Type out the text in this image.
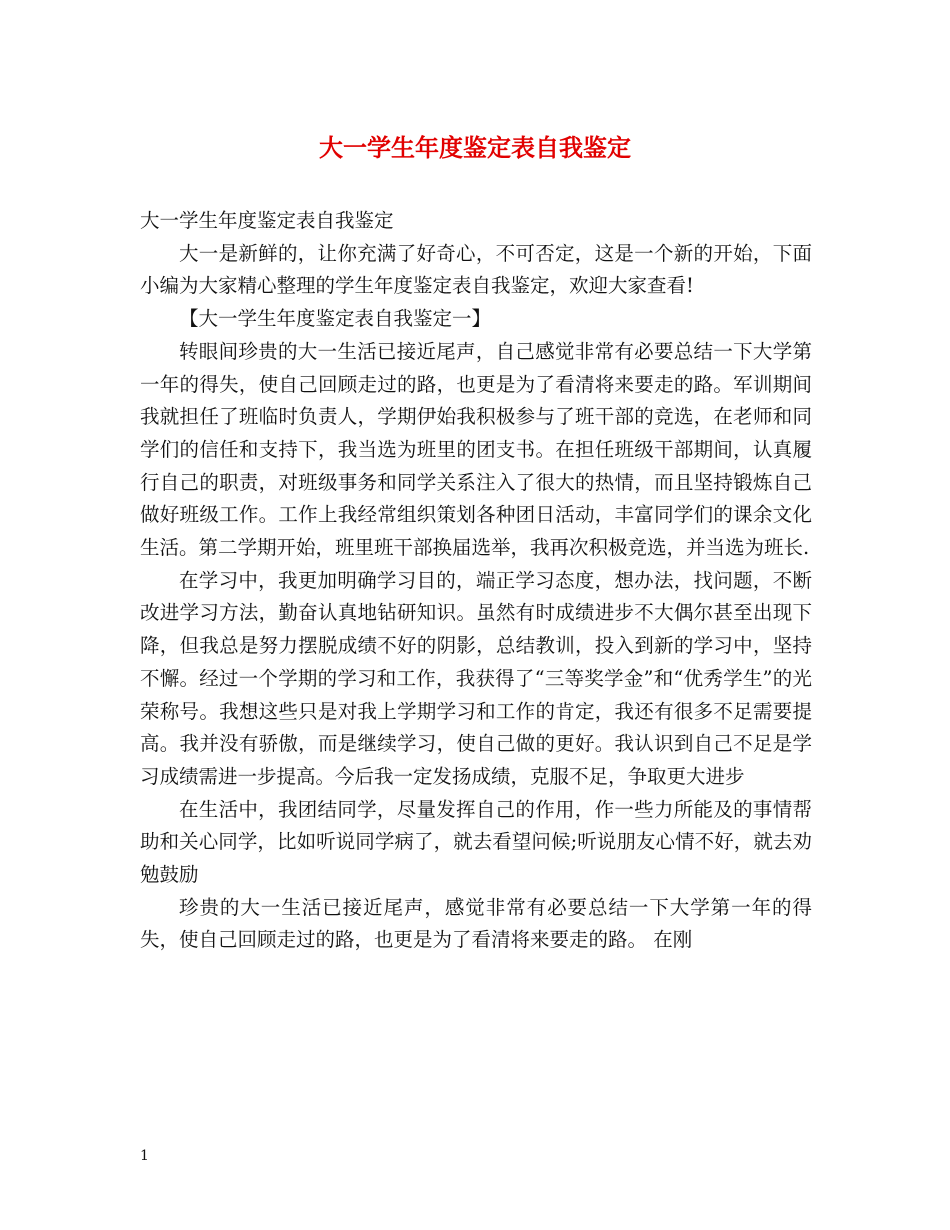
大一学生年度鉴定表自我鉴定

大一学生年度鉴定表自我鉴定

大一是新鲜的，让你充满了好奇心，不可否定，这是一个新的开始，下面小编为大家精心整理的学生年度鉴定表自我鉴定，欢迎大家查看!

【大一学生年度鉴定表自我鉴定一】

转眼间珍贵的大一生活已接近尾声，自己感觉非常有必要总结一下大学第一年的得失，使自己回顾走过的路，也更是为了看清将来要走的路。军训期间我就担任了班临时负责人，学期伊始我积极参与了班干部的竞选，在老师和同学们的信任和支持下，我当选为班里的团支书。在担任班级干部期间，认真履行自己的职责，对班级事务和同学关系注入了很大的热情，而且坚持锻炼自己做好班级工作。工作上我经常组织策划各种团日活动，丰富同学们的课余文化生活。第二学期开始，班里班干部换届选举，我再次积极竞选，并当选为班长.

在学习中，我更加明确学习目的，端正学习态度，想办法，找问题，不断改进学习方法，勤奋认真地钻研知识。虽然有时成绩进步不大偶尔甚至出现下降，但我总是努力摆脱成绩不好的阴影，总结教训，投入到新的学习中，坚持不懈。经过一个学期的学习和工作，我获得了“三等奖学金”和“优秀学生”的光荣称号。我想这些只是对我上学期学习和工作的肯定，我还有很多不足需要提高。我并没有骄傲，而是继续学习，使自己做的更好。我认识到自己不足是学习成绩需进一步提高。今后我一定发扬成绩，克服不足，争取更大进步

在生活中，我团结同学，尽量发挥自己的作用，作一些力所能及的事情帮助和关心同学，比如听说同学病了，就去看望问候;听说朋友心情不好，就去劝勉鼓励

珍贵的大一生活已接近尾声，感觉非常有必要总结一下大学第一年的得失，使自己回顾走过的路，也更是为了看清将来要走的路。 在刚

1
